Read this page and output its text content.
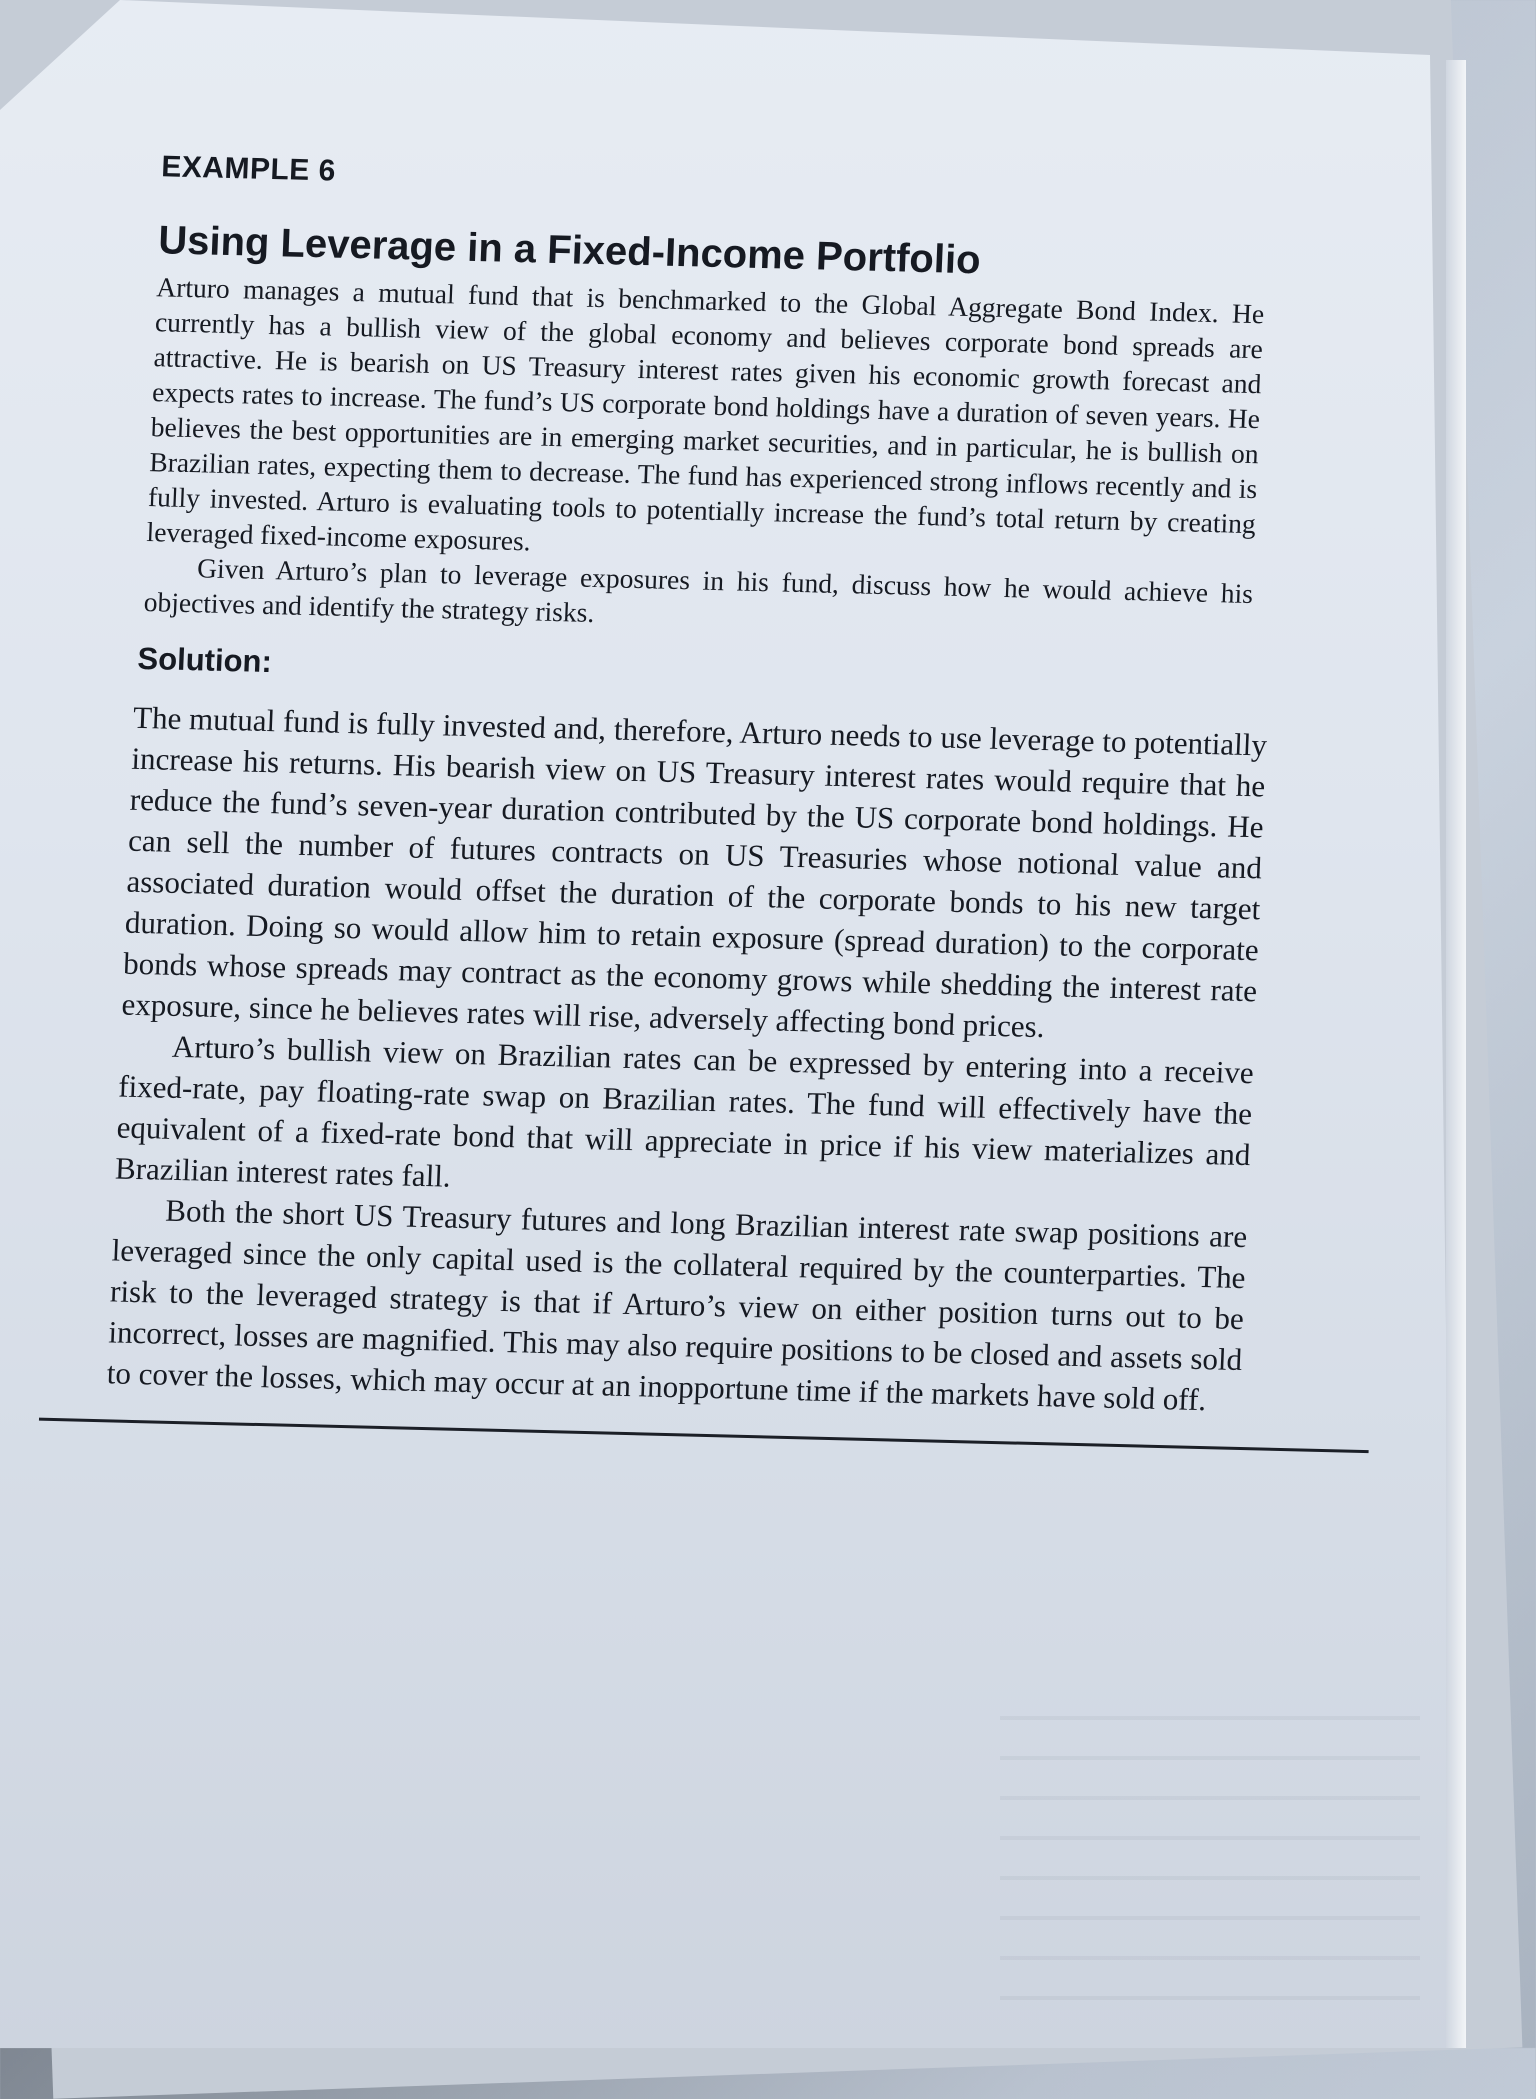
EXAMPLE 6
Using Leverage in a Fixed-Income Portfolio

Arturo manages a mutual fund that is benchmarked to the Global Aggregate Bond Index. He currently has a bullish view of the global economy and believes corporate bond spreads are attractive. He is bearish on US Treasury interest rates given his economic growth forecast and expects rates to increase. The fund’s US corporate bond holdings have a duration of seven years. He believes the best opportunities are in emerging market securities, and in particular, he is bullish on Brazilian rates, expecting them to decrease. The fund has experienced strong inflows recently and is fully invested. Arturo is evaluating tools to potentially increase the fund’s total return by creating leveraged fixed-income exposures.

Given Arturo’s plan to leverage exposures in his fund, discuss how he would achieve his objectives and identify the strategy risks.

Solution:

The mutual fund is fully invested and, therefore, Arturo needs to use leverage to potentially increase his returns. His bearish view on US Treasury interest rates would require that he reduce the fund’s seven-year duration contributed by the US corporate bond holdings. He can sell the number of futures contracts on US Treasuries whose notional value and associated duration would offset the duration of the corporate bonds to his new target duration. Doing so would allow him to retain exposure (spread duration) to the corporate bonds whose spreads may contract as the economy grows while shedding the interest rate exposure, since he believes rates will rise, adversely affecting bond prices.

Arturo’s bullish view on Brazilian rates can be expressed by entering into a receive fixed-rate, pay floating-rate swap on Brazilian rates. The fund will effectively have the equivalent of a fixed-rate bond that will appreciate in price if his view materializes and Brazilian interest rates fall.

Both the short US Treasury futures and long Brazilian interest rate swap positions are leveraged since the only capital used is the collateral required by the counterparties. The risk to the leveraged strategy is that if Arturo’s view on either position turns out to be incorrect, losses are magnified. This may also require positions to be closed and assets sold to cover the losses, which may occur at an inopportune time if the markets have sold off.
